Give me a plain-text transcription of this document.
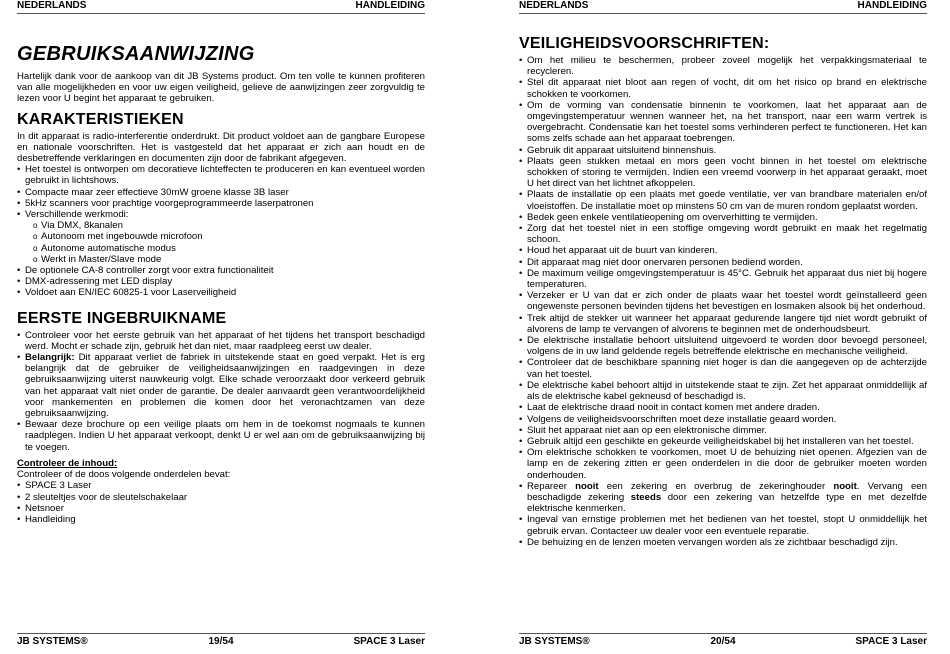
NEDERLANDS	HANDLEIDING
GEBRUIKSAANWIJZING

Hartelijk dank voor de aankoop van dit JB Systems product. Om ten volle te kunnen profiteren van alle mogelijkheden en voor uw eigen veiligheid, gelieve de aanwijzingen zeer zorgvuldig te lezen voor U begint het apparaat te gebruiken.

KARAKTERISTIEKEN

In dit apparaat is radio-interferentie onderdrukt. Dit product voldoet aan de gangbare Europese en nationale voorschriften. Het is vastgesteld dat het apparaat er zich aan houdt en de desbetreffende verklaringen en documenten zijn door de fabrikant afgegeven.

• Het toestel is ontworpen om decoratieve lichteffecten te produceren en kan eventueel worden gebruikt in lichtshows.
• Compacte maar zeer effectieve 30mW groene klasse 3B laser
• 5kHz scanners voor prachtige voorgeprogrammeerde laserpatronen
• Verschillende werkmodi:
o Via DMX, 8kanalen
o Autonoom met ingebouwde microfoon
o Autonome automatische modus
o Werkt in Master/Slave mode
• De optionele CA-8 controller zorgt voor extra functionaliteit
• DMX-adressering met LED display
• Voldoet aan EN/IEC 60825-1 voor Laserveiligheid
EERSTE INGEBRUIKNAME
• Controleer voor het eerste gebruik van het apparaat of het tijdens het transport beschadigd werd. Mocht er schade zijn, gebruik het dan niet, maar raadpleeg eerst uw dealer.
• Belangrijk: Dit apparaat verliet de fabriek in uitstekende staat en goed verpakt. Het is erg belangrijk dat de gebruiker de veiligheidsaanwijzingen en raadgevingen in deze gebruiksaanwijzing uiterst nauwkeurig volgt. Elke schade veroorzaakt door verkeerd gebruik van het apparaat valt niet onder de garantie. De dealer aanvaardt geen verantwoordelijkheid voor mankementen en problemen die komen door het veronachtzamen van deze gebruiksaanwijzing.
• Bewaar deze brochure op een veilige plaats om hem in de toekomst nogmaals te kunnen raadplegen. Indien U het apparaat verkoopt, denkt U er wel aan om de gebruiksaanwijzing bij te voegen.

Controleer de inhoud:

Controleer of de doos volgende onderdelen bevat:

• SPACE 3 Laser
• 2 sleuteltjes voor de sleutelschakelaar
• Netsnoer
• Handleiding
JB SYSTEMS®	19/54	SPACE 3 Laser
NEDERLANDS	HANDLEIDING
VEILIGHEIDSVOORSCHRIFTEN:
• Om het milieu te beschermen, probeer zoveel mogelijk het verpakkingsmateriaal te recycleren.
• Stel dit apparaat niet bloot aan regen of vocht, dit om het risico op brand en elektrische schokken te voorkomen.
• Om de vorming van condensatie binnenin te voorkomen, laat het apparaat aan de omgevingstemperatuur wennen wanneer het, na het transport, naar een warm vertrek is overgebracht. Condensatie kan het toestel soms verhinderen perfect te functioneren. Het kan soms zelfs schade aan het apparaat toebrengen.
• Gebruik dit apparaat uitsluitend binnenshuis.
• Plaats geen stukken metaal en mors geen vocht binnen in het toestel om elektrische schokken of storing te vermijden. Indien een vreemd voorwerp in het apparaat geraakt, moet U het direct van het lichtnet afkoppelen.
• Plaats de installatie op een plaats met goede ventilatie, ver van brandbare materialen en/of vloeistoffen. De installatie moet op minstens 50 cm van de muren rondom geplaatst worden.
• Bedek geen enkele ventilatieopening om oververhitting te vermijden.
• Zorg dat het toestel niet in een stoffige omgeving wordt gebruikt en maak het regelmatig schoon.
• Houd het apparaat uit de buurt van kinderen.
• Dit apparaat mag niet door onervaren personen bediend worden.
• De maximum veilige omgevingstemperatuur is 45°C. Gebruik het apparaat dus niet bij hogere temperaturen.
• Verzeker er U van dat er zich onder de plaats waar het toestel wordt geïnstalleerd geen ongewenste personen bevinden tijdens het bevestigen en losmaken alsook bij het onderhoud.
• Trek altijd de stekker uit wanneer het apparaat gedurende langere tijd niet wordt gebruikt of alvorens de lamp te vervangen of alvorens te beginnen met de onderhoudsbeurt.
• De elektrische installatie behoort uitsluitend uitgevoerd te worden door bevoegd personeel, volgens de in uw land geldende regels betreffende elektrische en mechanische veiligheid.
• Controleer dat de beschikbare spanning niet hoger is dan die aangegeven op de achterzijde van het toestel.
• De elektrische kabel behoort altijd in uitstekende staat te zijn. Zet het apparaat onmiddellijk af als de elektrische kabel gekneusd of beschadigd is.
• Laat de elektrische draad nooit in contact komen met andere draden.
• Volgens de veiligheidsvoorschriften moet deze installatie geaard worden.
• Sluit het apparaat niet aan op een elektronische dimmer.
• Gebruik altijd een geschikte en gekeurde veiligheidskabel bij het installeren van het toestel.
• Om elektrische schokken te voorkomen, moet U de behuizing niet openen. Afgezien van de lamp en de zekering zitten er geen onderdelen in die door de gebruiker moeten worden onderhouden.
• Repareer nooit een zekering en overbrug de zekeringhouder nooit. Vervang een beschadigde zekering steeds door een zekering van hetzelfde type en met dezelfde elektrische kenmerken.
• Ingeval van ernstige problemen met het bedienen van het toestel, stopt U onmiddellijk het gebruik ervan. Contacteer uw dealer voor een eventuele reparatie.
• De behuizing en de lenzen moeten vervangen worden als ze zichtbaar beschadigd zijn.
JB SYSTEMS®	20/54	SPACE 3 Laser
